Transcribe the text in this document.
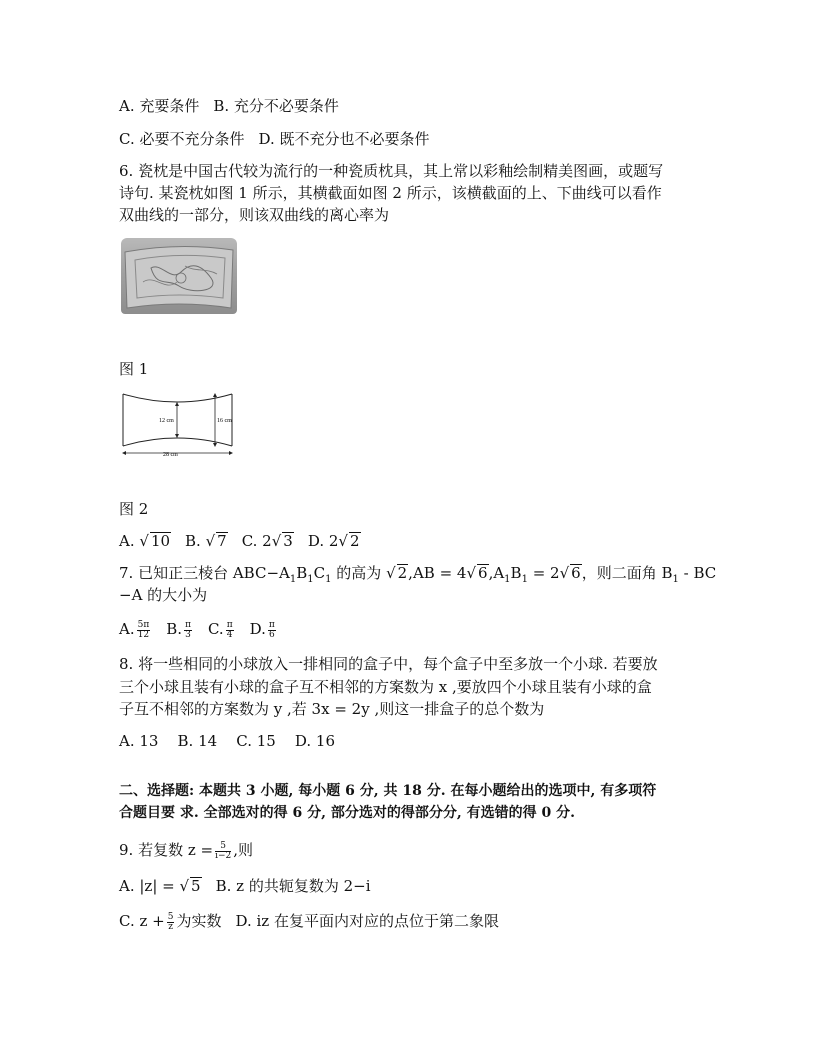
A. 充要条件 B. 充分不必要条件
C. 必要不充分条件 D. 既不充分也不必要条件
6. 瓷枕是中国古代较为流行的一种瓷质枕具，其上常以彩釉绘制精美图画，或题写
诗句. 某瓷枕如图 1 所示，其横截面如图 2 所示，该横截面的上、下曲线可以看作
双曲线的一部分，则该双曲线的离心率为
图 1
12 cm	16 cm
28 cm
图 2
A. √ 10 B. √ 7 C. 2√ 3 D. 2√ 2
7. 已知正三棱台 $ABC-A_1B_1C_1$ 的高为 √ 2,AB = 4√ $6,A_1B_1 = 2√$ 6，则二面角 $B_1$ - BC
−A 的大小为
A. $\frac{5\pi}{12} B$. $\frac{\pi}{3} C$. $\frac{\pi}{4} D$. $\frac{\pi}{6}$
8. 将一些相同的小球放入一排相同的盒子中，每个盒子中至多放一个小球. 若要放
三个小球且装有小球的盒子互不相邻的方案数为 x ,要放四个小球且装有小球的盒
子互不相邻的方案数为 y ,若 3x = 2y ,则这一排盒子的总个数为
A. 13    B. 14    C. 15    D. 16
二、选择题: 本题共 3 小题, 每小题 6 分, 共 18 分. 在每小题给出的选项中, 有多项符
合题目要 求. 全部选对的得 6 分, 部分选对的得部分分, 有选错的得 0 分.
9. 若复数 $z = \frac{5}{i-2}$ ,则
A. |z| = √ 5 B. z 的共轭复数为 2−i
C. $z + \frac{5}{z}$ 为实数 D. iz 在复平面内对应的点位于第二象限
